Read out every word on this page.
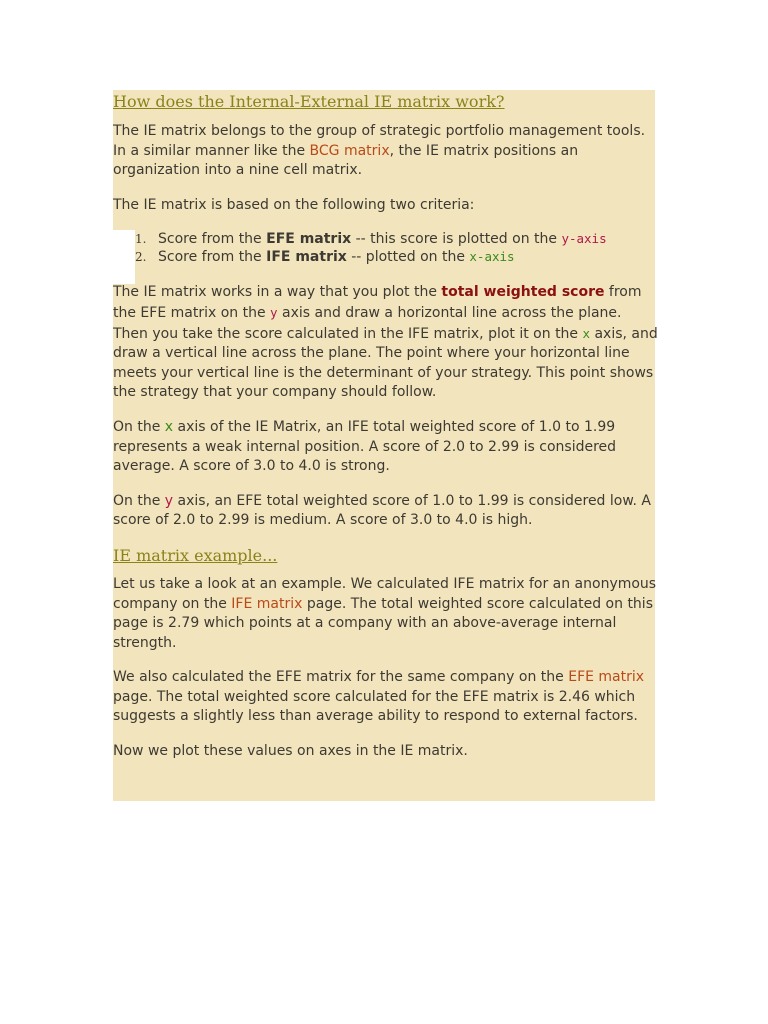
How does the Internal-External IE matrix work?

The IE matrix belongs to the group of strategic portfolio management tools. In a similar manner like the BCG matrix, the IE matrix positions an organization into a nine cell matrix.

The IE matrix is based on the following two criteria:

1. Score from the EFE matrix -- this score is plotted on the y-axis
2. Score from the IFE matrix -- plotted on the x-axis

The IE matrix works in a way that you plot the total weighted score from the EFE matrix on the y axis and draw a horizontal line across the plane. Then you take the score calculated in the IFE matrix, plot it on the x axis, and draw a vertical line across the plane. The point where your horizontal line meets your vertical line is the determinant of your strategy. This point shows the strategy that your company should follow.

On the x axis of the IE Matrix, an IFE total weighted score of 1.0 to 1.99 represents a weak internal position. A score of 2.0 to 2.99 is considered average. A score of 3.0 to 4.0 is strong.

On the y axis, an EFE total weighted score of 1.0 to 1.99 is considered low. A score of 2.0 to 2.99 is medium. A score of 3.0 to 4.0 is high.

IE matrix example...

Let us take a look at an example. We calculated IFE matrix for an anonymous company on the IFE matrix page. The total weighted score calculated on this page is 2.79 which points at a company with an above-average internal strength.

We also calculated the EFE matrix for the same company on the EFE matrix page. The total weighted score calculated for the EFE matrix is 2.46 which suggests a slightly less than average ability to respond to external factors.

Now we plot these values on axes in the IE matrix.
